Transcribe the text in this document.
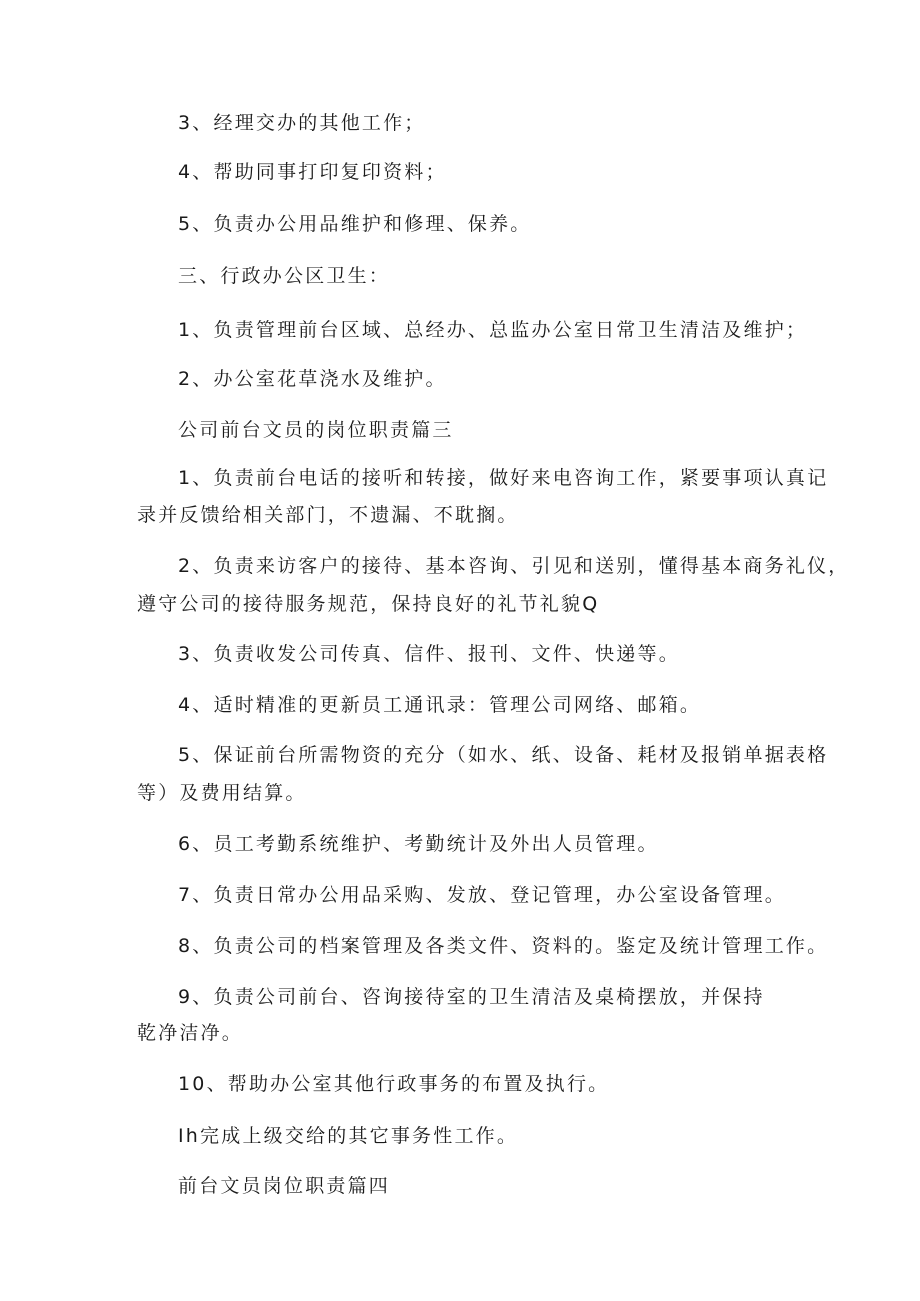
3、经理交办的其他工作；
4、帮助同事打印复印资料；
5、负责办公用品维护和修理、保养。
三、行政办公区卫生：
1、负责管理前台区域、总经办、总监办公室日常卫生清洁及维护；
2、办公室花草浇水及维护。
公司前台文员的岗位职责篇三
1、负责前台电话的接听和转接，做好来电咨询工作，紧要事项认真记
录并反馈给相关部门，不遗漏、不耽搁。
2、负责来访客户的接待、基本咨询、引见和送别，懂得基本商务礼仪，
遵守公司的接待服务规范，保持良好的礼节礼貌Q
3、负责收发公司传真、信件、报刊、文件、快递等。
4、适时精准的更新员工通讯录：管理公司网络、邮箱。
5、保证前台所需物资的充分（如水、纸、设备、耗材及报销单据表格
等）及费用结算。
6、员工考勤系统维护、考勤统计及外出人员管理。
7、负责日常办公用品采购、发放、登记管理，办公室设备管理。
8、负责公司的档案管理及各类文件、资料的。鉴定及统计管理工作。
9、负责公司前台、咨询接待室的卫生清洁及桌椅摆放，并保持
乾净洁净。
10、帮助办公室其他行政事务的布置及执行。
Ih完成上级交给的其它事务性工作。
前台文员岗位职责篇四
